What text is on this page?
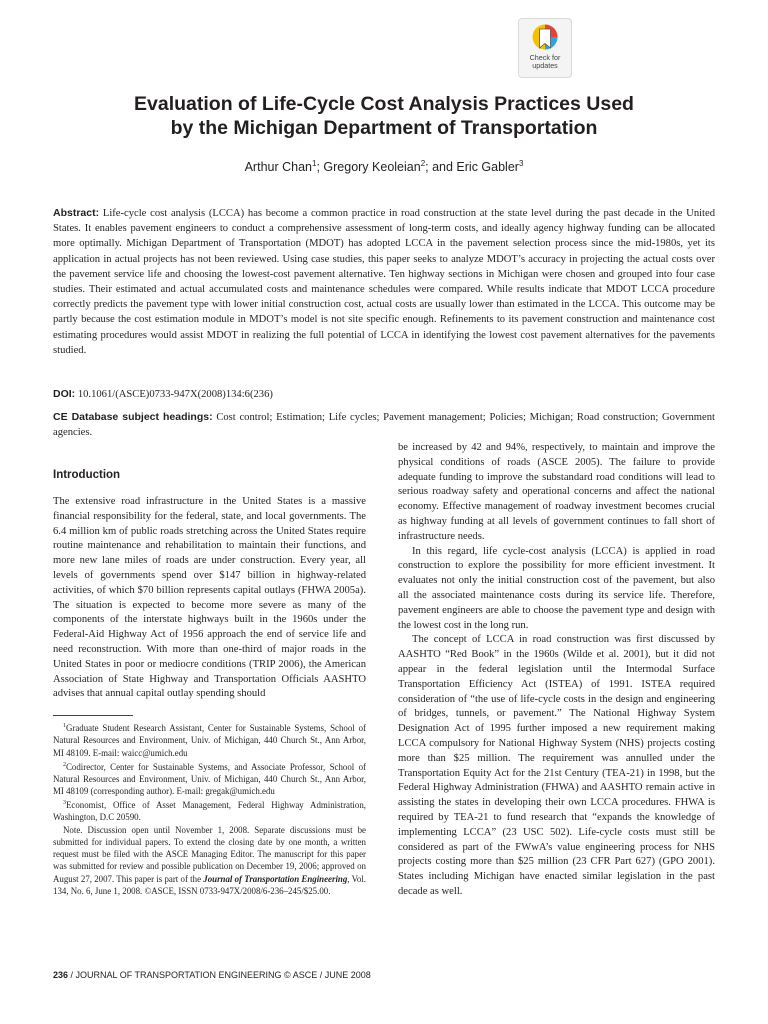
Check for
updates
Evaluation of Life-Cycle Cost Analysis Practices Used
by the Michigan Department of Transportation
Arthur Chan$^1$; Gregory Keoleian$^2$; and Eric Gabler$^3$

Abstract: Life-cycle cost analysis (LCCA) has become a common practice in road construction at the state level during the past decade in the United States. It enables pavement engineers to conduct a comprehensive assessment of long-term costs, and ideally agency highway funding can be allocated more optimally. Michigan Department of Transportation (MDOT) has adopted LCCA in the pavement selection process since the mid-1980s, yet its application in actual projects has not been reviewed. Using case studies, this paper seeks to analyze MDOT’s accuracy in projecting the actual costs over the pavement service life and choosing the lowest-cost pavement alternative. Ten highway sections in Michigan were chosen and grouped into four case studies. Their estimated and actual accumulated costs and maintenance schedules were compared. While results indicate that MDOT LCCA procedure correctly predicts the pavement type with lower initial construction cost, actual costs are usually lower than estimated in the LCCA. This outcome may be partly because the cost estimation module in MDOT’s model is not site specific enough. Refinements to its pavement construction and maintenance cost estimating procedures would assist MDOT in realizing the full potential of LCCA in identifying the lowest cost pavement alternatives for the pavements studied.

DOI: 10.1061/(ASCE)0733-947X(2008)134:6(236)

CE Database subject headings: Cost control; Estimation; Life cycles; Pavement management; Policies; Michigan; Road construction; Government agencies.

Introduction

The extensive road infrastructure in the United States is a massive financial responsibility for the federal, state, and local governments. The 6.4 million km of public roads stretching across the United States require routine maintenance and rehabilitation to maintain their functions, and more new lane miles of roads are under construction. Every year, all levels of governments spend over $147 billion in highway-related activities, of which $70 billion represents capital outlays (FHWA 2005a). The situation is expected to become more severe as many of the components of the interstate highways built in the 1960s under the Federal-Aid Highway Act of 1956 approach the end of service life and need reconstruction. With more than one-third of major roads in the United States in poor or mediocre conditions (TRIP 2006), the American Association of State Highway and Transportation Officials AASHTO advises that annual capital outlay spending should

$^1$Graduate Student Research Assistant, Center for Sustainable Systems, School of Natural Resources and Environment, Univ. of Michigan, 440 Church St., Ann Arbor, MI 48109. E-mail: waicc@umich.edu

$^2$Codirector, Center for Sustainable Systems, and Associate Professor, School of Natural Resources and Environment, Univ. of Michigan, 440 Church St., Ann Arbor, MI 48109 (corresponding author). E-mail: gregak@umich.edu

$^3$Economist, Office of Asset Management, Federal Highway Administration, Washington, D.C 20590.

Note. Discussion open until November 1, 2008. Separate discussions must be submitted for individual papers. To extend the closing date by one month, a written request must be filed with the ASCE Managing Editor. The manuscript for this paper was submitted for review and possible publication on December 19, 2006; approved on August 27, 2007. This paper is part of the Journal of Transportation Engineering, Vol. 134, No. 6, June 1, 2008. ©ASCE, ISSN 0733-947X/2008/6-236–245/$25.00.

be increased by 42 and 94%, respectively, to maintain and improve the physical conditions of roads (ASCE 2005). The failure to provide adequate funding to improve the substandard road conditions will lead to serious roadway safety and operational concerns and affect the national economy. Effective management of roadway investment becomes crucial as highway funding at all levels of government continues to fall short of infrastructure needs.

In this regard, life cycle-cost analysis (LCCA) is applied in road construction to explore the possibility for more efficient investment. It evaluates not only the initial construction cost of the pavement, but also all the associated maintenance costs during its service life. Therefore, pavement engineers are able to choose the pavement type and design with the lowest cost in the long run.

The concept of LCCA in road construction was first discussed by AASHTO “Red Book” in the 1960s (Wilde et al. 2001), but it did not appear in the federal legislation until the Intermodal Surface Transportation Efficiency Act (ISTEA) of 1991. ISTEA required consideration of “the use of life-cycle costs in the design and engineering of bridges, tunnels, or pavement.” The National Highway System Designation Act of 1995 further imposed a new requirement making LCCA compulsory for National Highway System (NHS) projects costing more than $25 million. The requirement was annulled under the Transportation Equity Act for the 21st Century (TEA-21) in 1998, but the Federal Highway Administration (FHWA) and AASHTO remain active in assisting the states in developing their own LCCA procedures. FHWA is required by TEA-21 to fund research that “expands the knowledge of implementing LCCA” (23 USC 502). Life-cycle costs must still be considered as part of the FWwA’s value engineering process for NHS projects costing more than $25 million (23 CFR Part 627) (GPO 2001). States including Michigan have enacted similar legislation in the past decade as well.

236 / JOURNAL OF TRANSPORTATION ENGINEERING © ASCE / JUNE 2008
